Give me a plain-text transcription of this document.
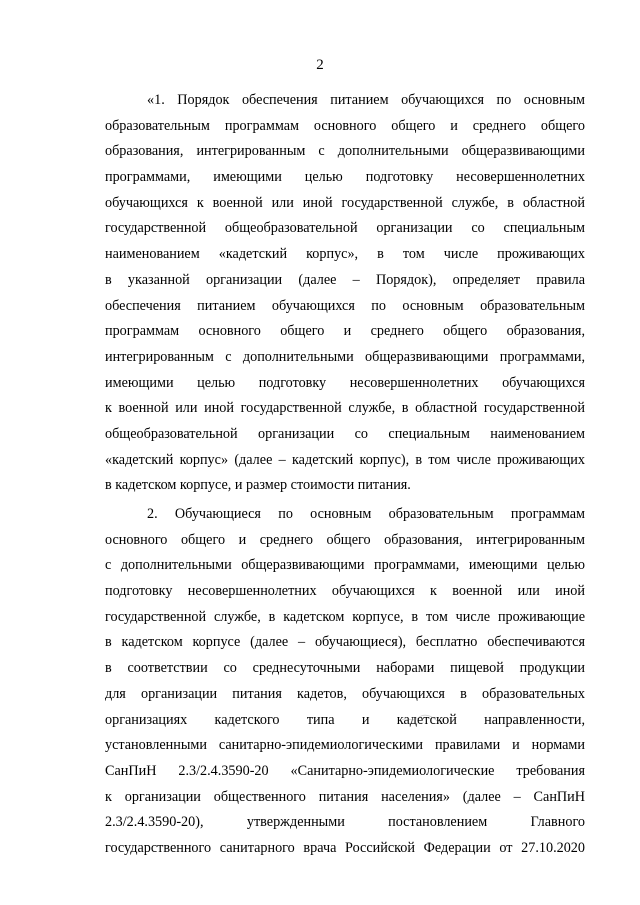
2
«1. Порядок обеспечения питанием обучающихся по основным
образовательным программам основного общего и среднего общего
образования, интегрированным с дополнительными общеразвивающими
программами, имеющими целью подготовку несовершеннолетних
обучающихся к военной или иной государственной службе, в областной
государственной общеобразовательной организации со специальным
наименованием «кадетский корпус», в том числе проживающих
в указанной организации (далее – Порядок), определяет правила
обеспечения питанием обучающихся по основным образовательным
программам основного общего и среднего общего образования,
интегрированным с дополнительными общеразвивающими программами,
имеющими целью подготовку несовершеннолетних обучающихся
к военной или иной государственной службе, в областной государственной
общеобразовательной организации со специальным наименованием
«кадетский корпус» (далее – кадетский корпус), в том числе проживающих
в кадетском корпусе, и размер стоимости питания.
2. Обучающиеся по основным образовательным программам
основного общего и среднего общего образования, интегрированным
с дополнительными общеразвивающими программами, имеющими целью
подготовку несовершеннолетних обучающихся к военной или иной
государственной службе, в кадетском корпусе, в том числе проживающие
в кадетском корпусе (далее – обучающиеся), бесплатно обеспечиваются
в соответствии со среднесуточными наборами пищевой продукции
для организации питания кадетов, обучающихся в образовательных
организациях кадетского типа и кадетской направленности,
установленными санитарно-эпидемиологическими правилами и нормами
СанПиН 2.3/2.4.3590-20 «Санитарно-эпидемиологические требования
к организации общественного питания населения» (далее – СанПиН
2.3/2.4.3590-20), утвержденными постановлением Главного
государственного санитарного врача Российской Федерации от 27.10.2020
